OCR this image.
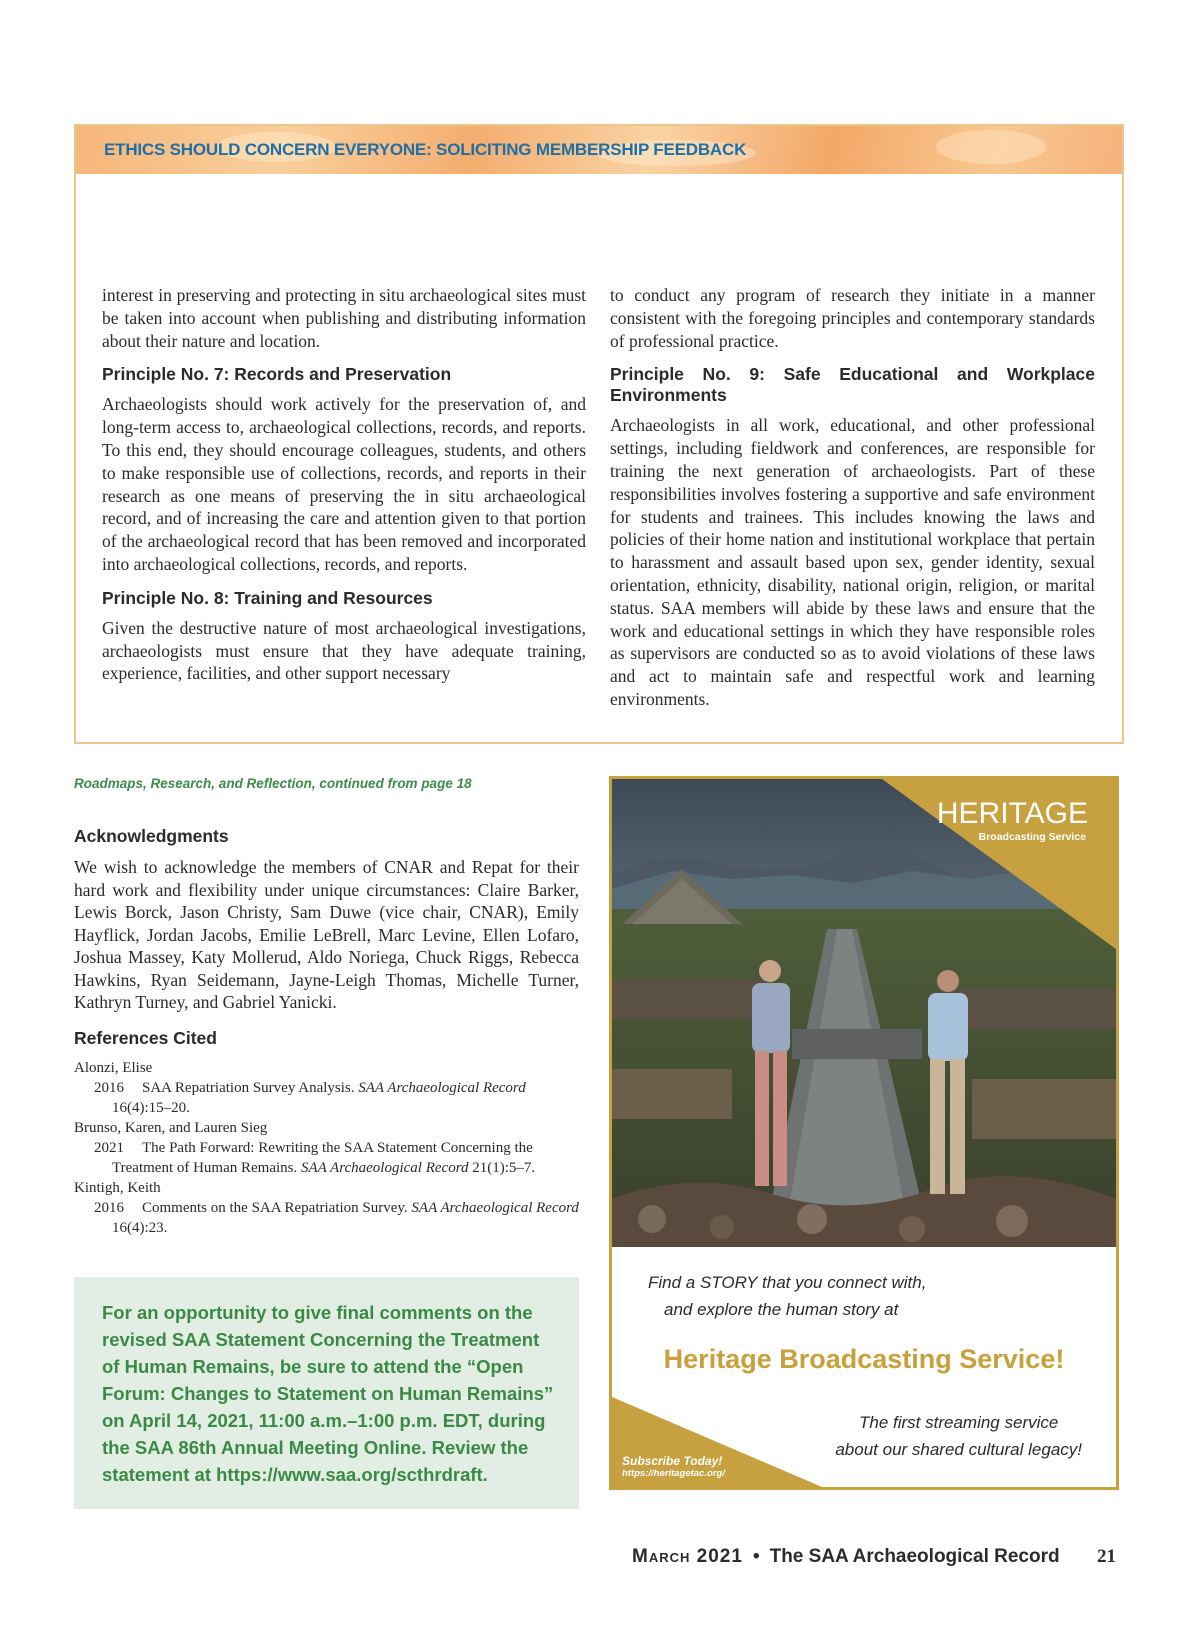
ETHICS SHOULD CONCERN EVERYONE: SOLICITING MEMBERSHIP FEEDBACK

interest in preserving and protecting in situ archaeological sites must be taken into account when publishing and distributing information about their nature and location.

Principle No. 7: Records and Preservation

Archaeologists should work actively for the preservation of, and long-term access to, archaeological collections, records, and reports. To this end, they should encourage colleagues, students, and others to make responsible use of collections, records, and reports in their research as one means of preserving the in situ archaeological record, and of increasing the care and attention given to that portion of the archaeological record that has been removed and incorporated into archaeological collections, records, and reports.

Principle No. 8: Training and Resources

Given the destructive nature of most archaeological investigations, archaeologists must ensure that they have adequate training, experience, facilities, and other support necessary

to conduct any program of research they initiate in a manner consistent with the foregoing principles and contemporary standards of professional practice.

Principle No. 9: Safe Educational and Workplace Environments

Archaeologists in all work, educational, and other professional settings, including fieldwork and conferences, are responsible for training the next generation of archaeologists. Part of these responsibilities involves fostering a supportive and safe environment for students and trainees. This includes knowing the laws and policies of their home nation and institutional workplace that pertain to harassment and assault based upon sex, gender identity, sexual orientation, ethnicity, disability, national origin, religion, or marital status. SAA members will abide by these laws and ensure that the work and educational settings in which they have responsible roles as supervisors are conducted so as to avoid violations of these laws and act to maintain safe and respectful work and learning environments.

Roadmaps, Research, and Reflection, continued from page 18
Acknowledgments

We wish to acknowledge the members of CNAR and Repat for their hard work and flexibility under unique circumstances: Claire Barker, Lewis Borck, Jason Christy, Sam Duwe (vice chair, CNAR), Emily Hayflick, Jordan Jacobs, Emilie LeBrell, Marc Levine, Ellen Lofaro, Joshua Massey, Katy Mollerud, Aldo Noriega, Chuck Riggs, Rebecca Hawkins, Ryan Seidemann, Jayne-Leigh Thomas, Michelle Turner, Kathryn Turney, and Gabriel Yanicki.

References Cited

Alonzi, Elise

2016 SAA Repatriation Survey Analysis. SAA Archaeological Record 16(4):15–20.

Brunso, Karen, and Lauren Sieg

2021 The Path Forward: Rewriting the SAA Statement Concerning the Treatment of Human Remains. SAA Archaeological Record 21(1):5–7.

Kintigh, Keith

2016 Comments on the SAA Repatriation Survey. SAA Archaeological Record 16(4):23.

For an opportunity to give final comments on the revised SAA Statement Concerning the Treatment of Human Remains, be sure to attend the “Open Forum: Changes to Statement on Human Remains” on April 14, 2021, 11:00 a.m.–1:00 p.m. EDT, during the SAA 86th Annual Meeting Online. Review the statement at https://www.saa.org/scthrdraft.

HERITAGE
Broadcasting Service
Find a STORY that you connect with,
and explore the human story at
Heritage Broadcasting Service!
The first streaming service
about our shared cultural legacy!
Subscribe Today!
https://heritagetac.org/
March 2021 • The SAA Archaeological Record 21
